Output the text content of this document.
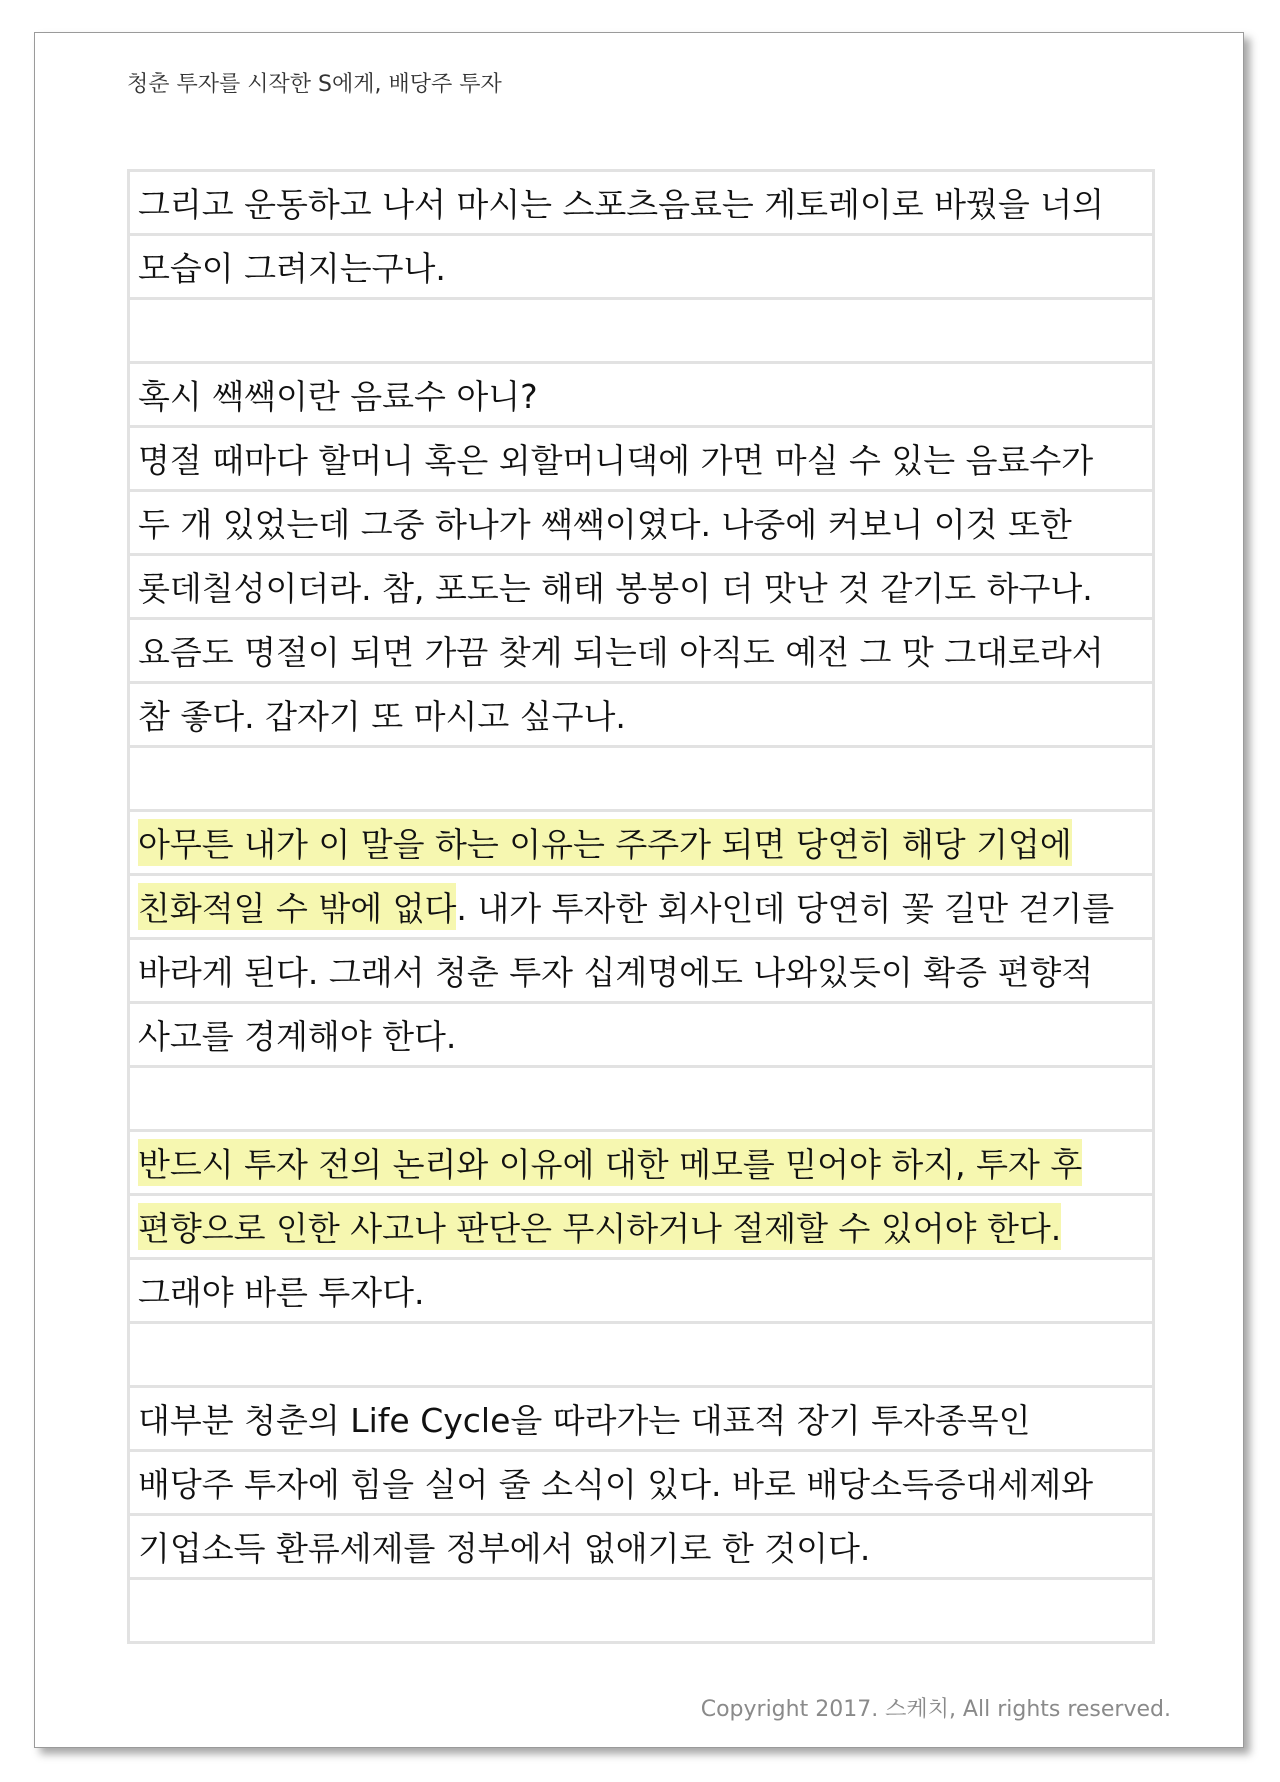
청춘 투자를 시작한 S에게, 배당주 투자
그리고 운동하고 나서 마시는 스포츠음료는 게토레이로 바꿨을 너의
모습이 그려지는구나.
혹시 쌕쌕이란 음료수 아니?
명절 때마다 할머니 혹은 외할머니댁에 가면 마실 수 있는 음료수가
두 개 있었는데 그중 하나가 쌕쌕이였다. 나중에 커보니 이것 또한
롯데칠성이더라. 참, 포도는 해태 봉봉이 더 맛난 것 같기도 하구나.
요즘도 명절이 되면 가끔 찾게 되는데 아직도 예전 그 맛 그대로라서
참 좋다. 갑자기 또 마시고 싶구나.
아무튼 내가 이 말을 하는 이유는 주주가 되면 당연히 해당 기업에
친화적일 수 밖에 없다 . 내가 투자한 회사인데 당연히 꽃 길만 걷기를
바라게 된다. 그래서 청춘 투자 십계명에도 나와있듯이 확증 편향적
사고를 경계해야 한다.
반드시 투자 전의 논리와 이유에 대한 메모를 믿어야 하지, 투자 후
편향으로 인한 사고나 판단은 무시하거나 절제할 수 있어야 한다.
그래야 바른 투자다.
대부분 청춘의 Life Cycle을 따라가는 대표적 장기 투자종목인
배당주 투자에 힘을 실어 줄 소식이 있다. 바로 배당소득증대세제와
기업소득 환류세제를 정부에서 없애기로 한 것이다.
Copyright 2017. 스케치, All rights reserved.
